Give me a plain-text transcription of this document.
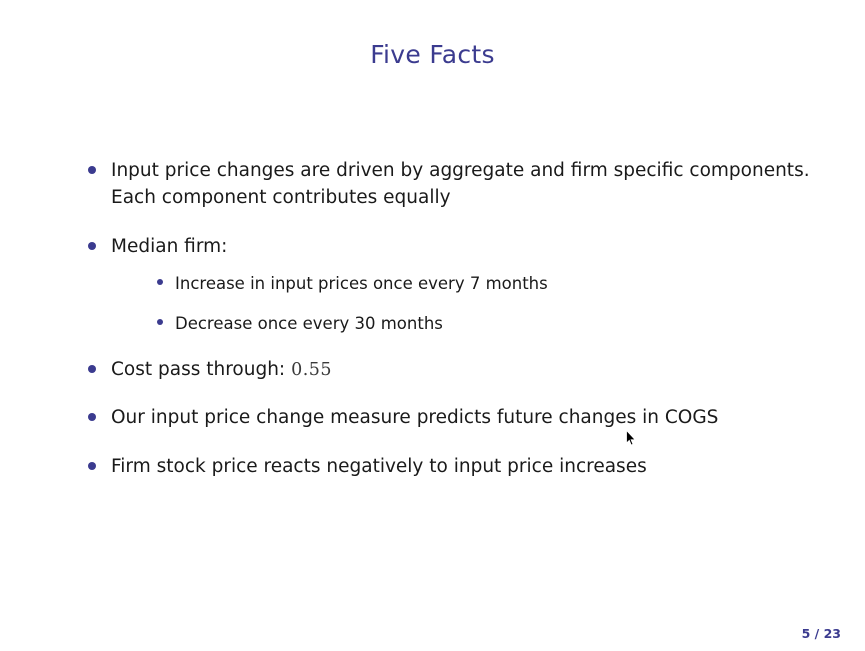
Five Facts
Input price changes are driven by aggregate and firm specific components. Each component contributes equally
Median firm:
Increase in input prices once every 7 months
Decrease once every 30 months
Cost pass through: 0.55
Our input price change measure predicts future changes in COGS
Firm stock price reacts negatively to input price increases
5 / 23
